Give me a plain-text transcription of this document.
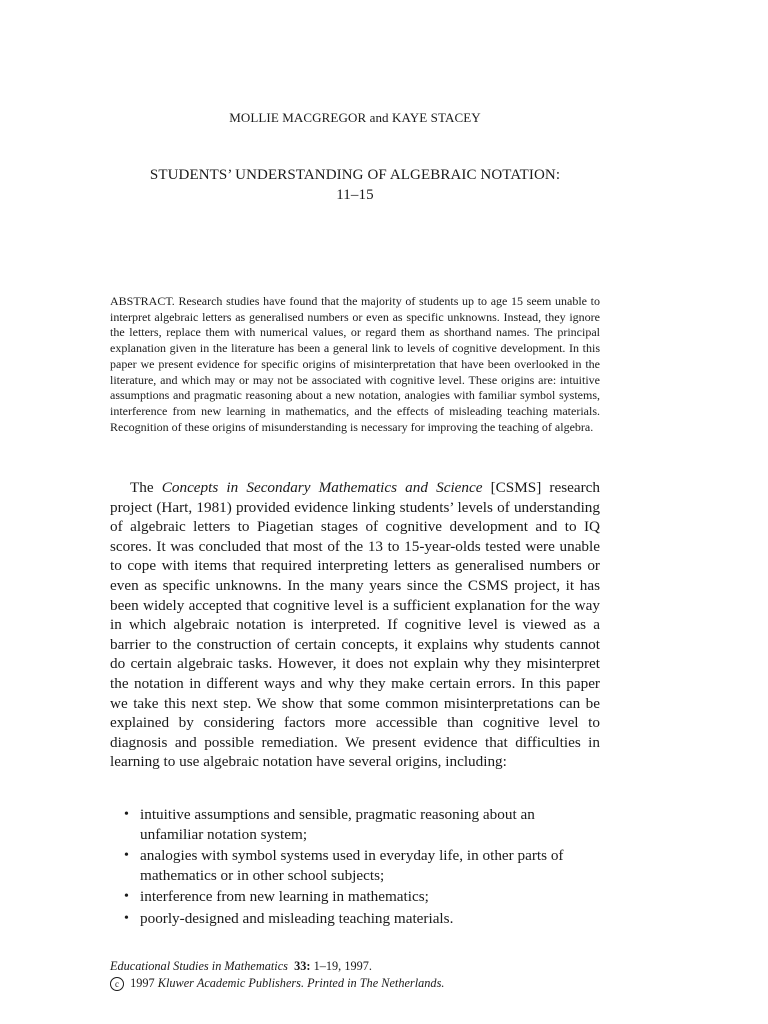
MOLLIE MACGREGOR and KAYE STACEY
STUDENTS’ UNDERSTANDING OF ALGEBRAIC NOTATION:
11–15
ABSTRACT. Research studies have found that the majority of students up to age 15 seem unable to interpret algebraic letters as generalised numbers or even as specific unknowns. Instead, they ignore the letters, replace them with numerical values, or regard them as shorthand names. The principal explanation given in the literature has been a general link to levels of cognitive development. In this paper we present evidence for specific origins of misinterpretation that have been overlooked in the literature, and which may or may not be associated with cognitive level. These origins are: intuitive assumptions and pragmatic reasoning about a new notation, analogies with familiar symbol systems, interference from new learning in mathematics, and the effects of misleading teaching materials. Recognition of these origins of misunderstanding is necessary for improving the teaching of algebra.
The Concepts in Secondary Mathematics and Science [CSMS] research project (Hart, 1981) provided evidence linking students’ levels of understanding of algebraic letters to Piagetian stages of cognitive development and to IQ scores. It was concluded that most of the 13 to 15-year-olds tested were unable to cope with items that required interpreting letters as generalised numbers or even as specific unknowns. In the many years since the CSMS project, it has been widely accepted that cognitive level is a sufficient explanation for the way in which algebraic notation is interpreted. If cognitive level is viewed as a barrier to the construction of certain concepts, it explains why students cannot do certain algebraic tasks. However, it does not explain why they misinterpret the notation in different ways and why they make certain errors. In this paper we take this next step. We show that some common misinterpretations can be explained by considering factors more accessible than cognitive level to diagnosis and possible remediation. We present evidence that difficulties in learning to use algebraic notation have several origins, including:
• intuitive assumptions and sensible, pragmatic reasoning about an unfamiliar notation system;
• analogies with symbol systems used in everyday life, in other parts of mathematics or in other school subjects;
• interference from new learning in mathematics;
• poorly-designed and misleading teaching materials.
Educational Studies in Mathematics 33: 1–19, 1997.
c 1997 Kluwer Academic Publishers. Printed in The Netherlands.
